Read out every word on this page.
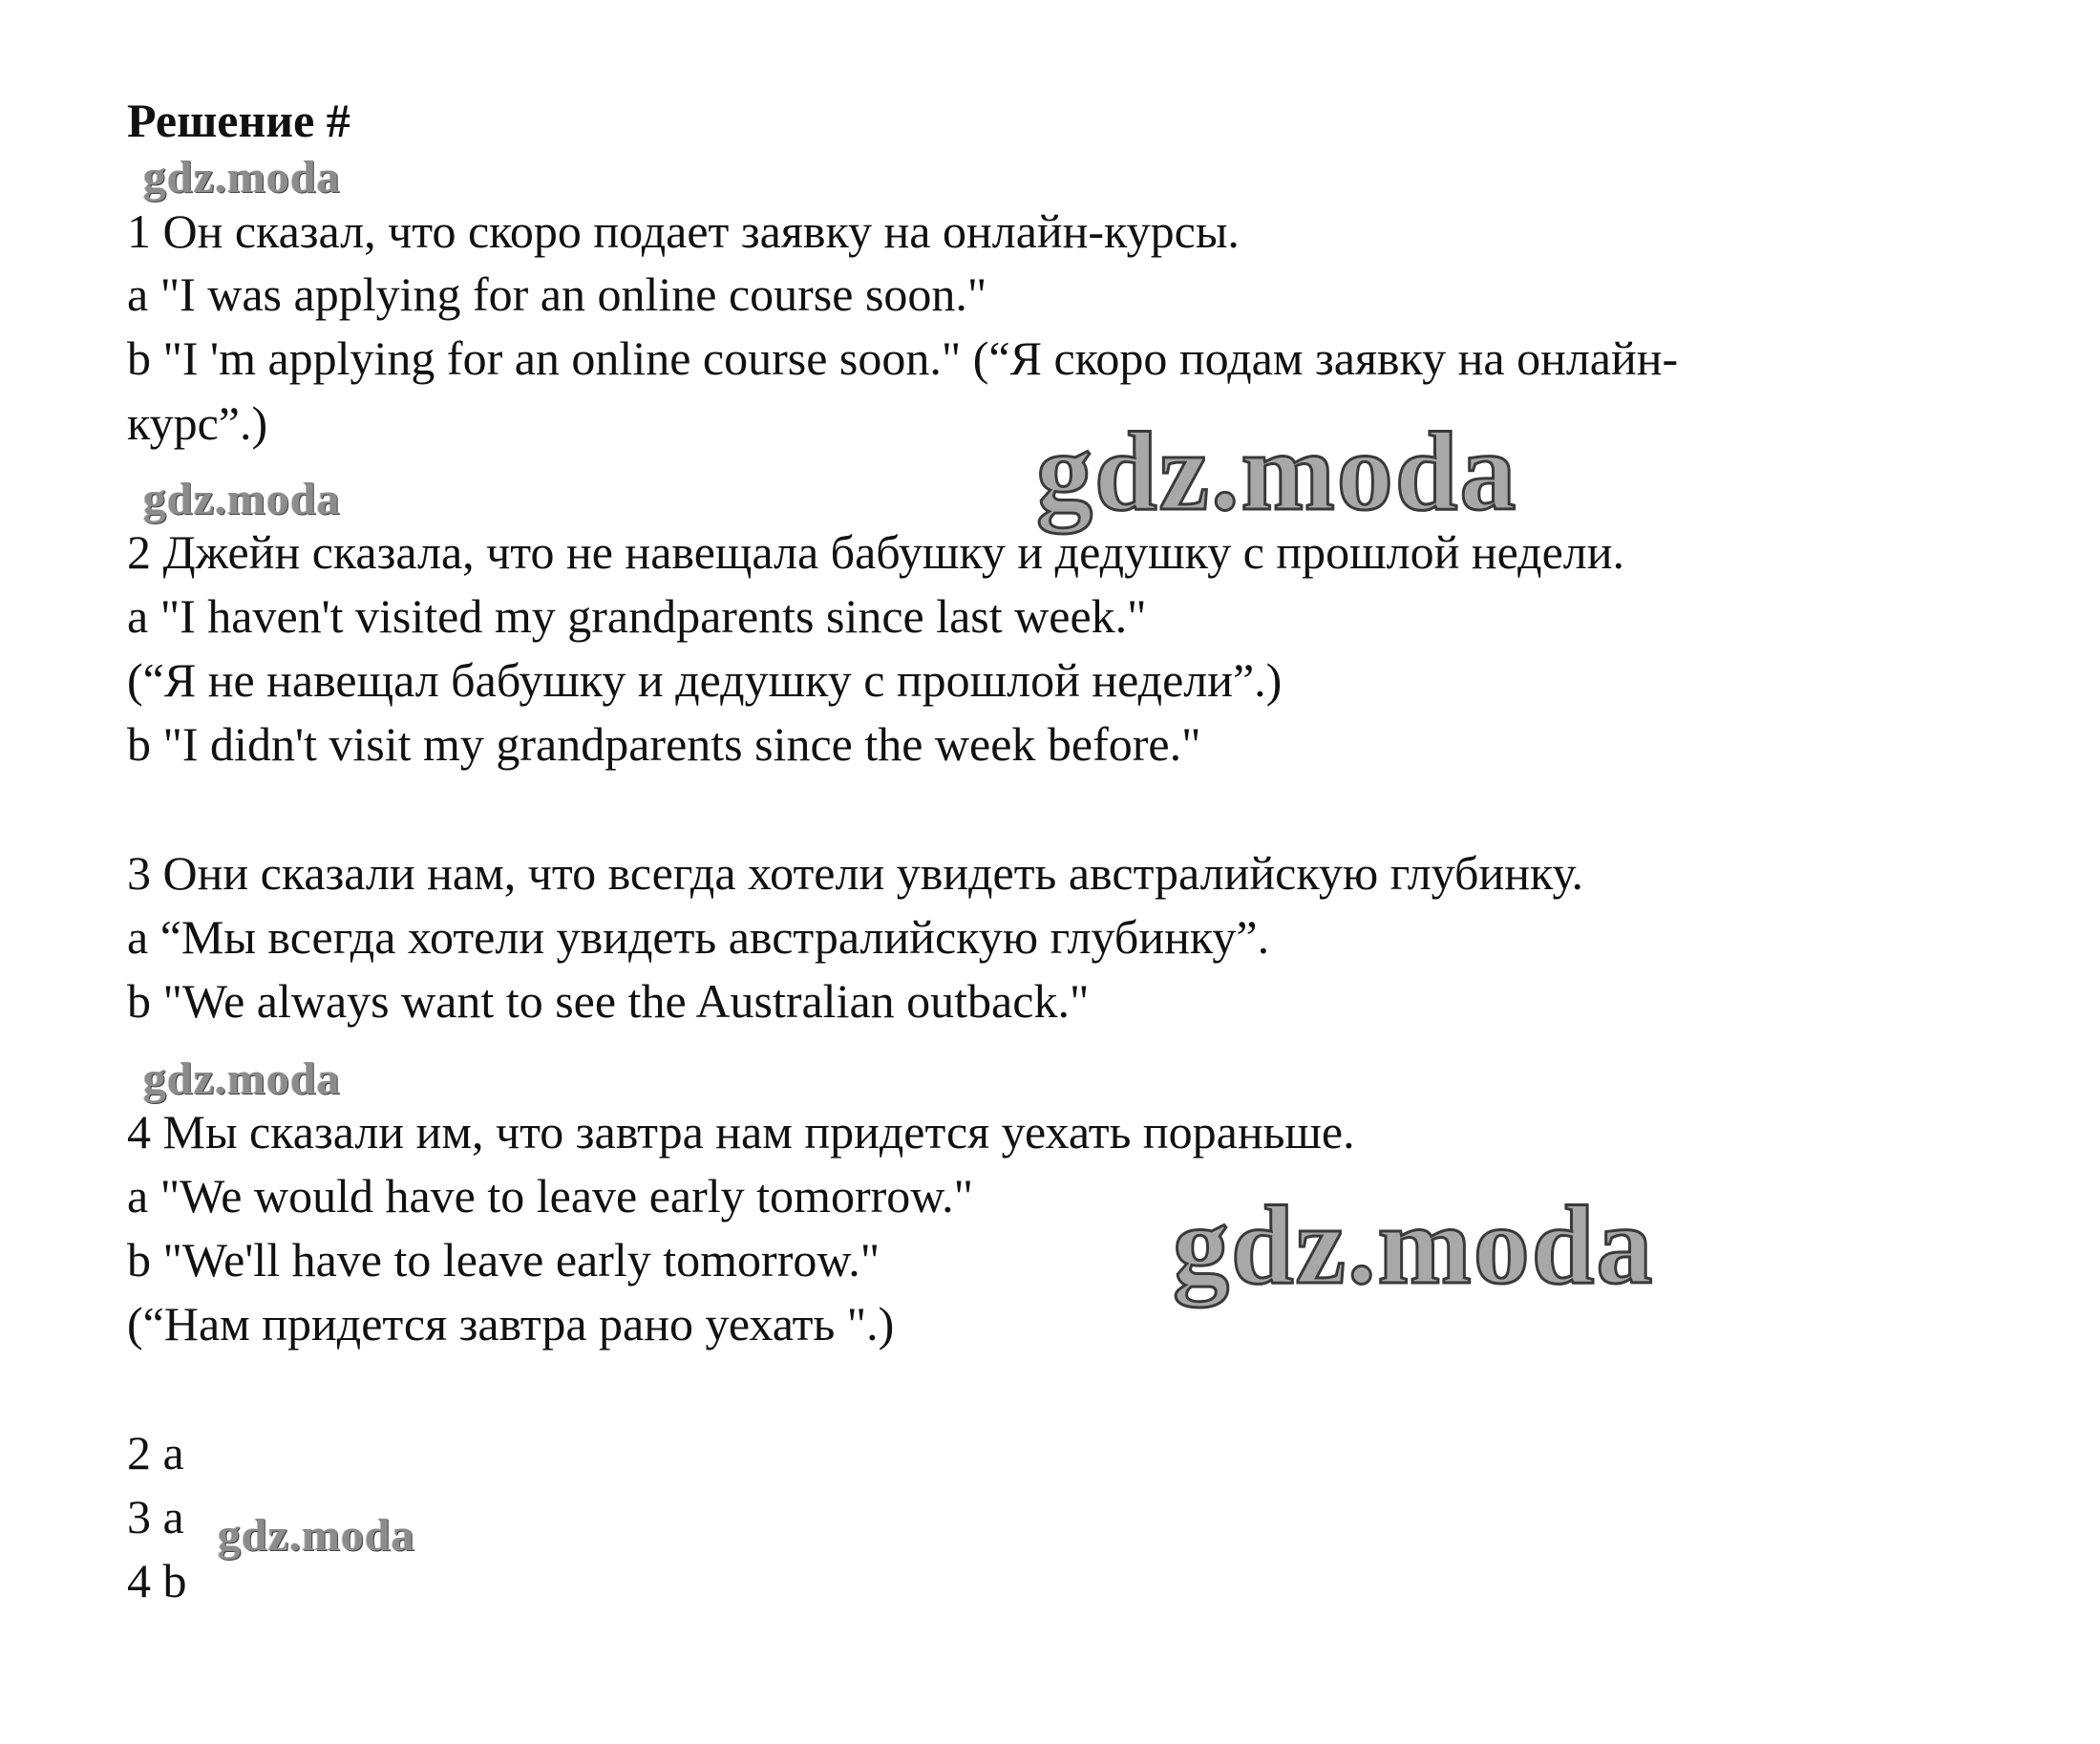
Решение #
gdz.moda
1 Он сказал, что скоро подает заявку на онлайн-курсы.
a "I was applying for an online course soon."
b "I 'm applying for an online course soon." (“Я скоро подам заявку на онлайн-
курс”.)	gdz.moda
gdz.moda
2 Джейн сказала, что не навещала бабушку и дедушку с прошлой недели.
a "I haven't visited my grandparents since last week."
(“Я не навещал бабушку и дедушку с прошлой недели”.)
b "I didn't visit my grandparents since the week before."
3 Они сказали нам, что всегда хотели увидеть австралийскую глубинку.
a “Мы всегда хотели увидеть австралийскую глубинку”.
b "We always want to see the Australian outback."
gdz.moda
4 Мы сказали им, что завтра нам придется уехать пораньше.
a "We would have to leave early tomorrow."
b "We'll have to leave early tomorrow."
(“Нам придется завтра рано уехать ".)
gdz.moda
2 a
3 a
4 b
gdz.moda
